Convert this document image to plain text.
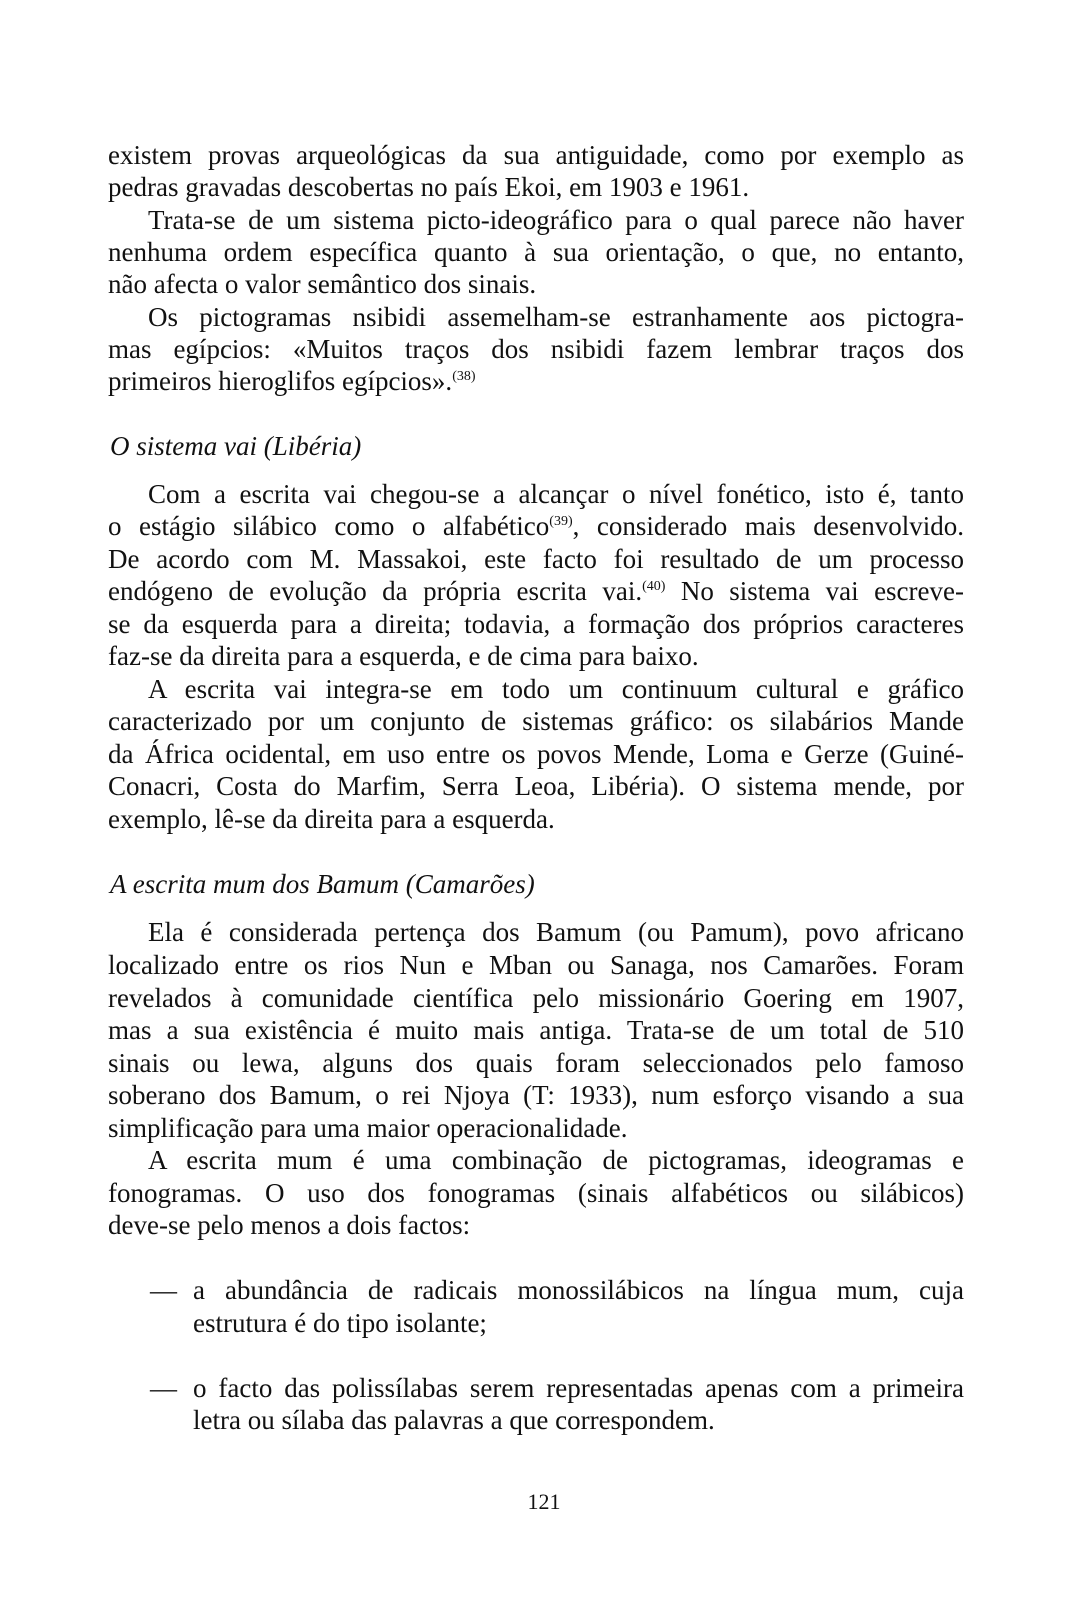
existem provas arqueológicas da sua antiguidade, como por exemplo as
pedras gravadas descobertas no país Ekoi, em 1903 e 1961.
Trata-se de um sistema picto-ideográfico para o qual parece não haver
nenhuma ordem específica quanto à sua orientação, o que, no entanto,
não afecta o valor semântico dos sinais.
Os pictogramas nsibidi assemelham-se estranhamente aos pictogra-
mas egípcios: «Muitos traços dos nsibidi fazem lembrar traços dos
primeiros hieroglifos egípcios».$^{(38)}$
O sistema vai (Libéria)
Com a escrita vai chegou-se a alcançar o nível fonético, isto é, tanto
o estágio silábico como o alfabético$^{(39)}$, considerado mais desenvolvido.
De acordo com M. Massakoi, este facto foi resultado de um processo
endógeno de evolução da própria escrita vai.$^{(40)}$ No sistema vai escreve-
se da esquerda para a direita; todavia, a formação dos próprios caracteres
faz-se da direita para a esquerda, e de cima para baixo.
A escrita vai integra-se em todo um continuum cultural e gráfico
caracterizado por um conjunto de sistemas gráfico: os silabários Mande
da África ocidental, em uso entre os povos Mende, Loma e Gerze (Guiné-
Conacri, Costa do Marfim, Serra Leoa, Libéria). O sistema mende, por
exemplo, lê-se da direita para a esquerda.
A escrita mum dos Bamum (Camarões)
Ela é considerada pertença dos Bamum (ou Pamum), povo africano
localizado entre os rios Nun e Mban ou Sanaga, nos Camarões. Foram
revelados à comunidade científica pelo missionário Goering em 1907,
mas a sua existência é muito mais antiga. Trata-se de um total de 510
sinais ou lewa, alguns dos quais foram seleccionados pelo famoso
soberano dos Bamum, o rei Njoya (T: 1933), num esforço visando a sua
simplificação para uma maior operacionalidade.
A escrita mum é uma combinação de pictogramas, ideogramas e
fonogramas. O uso dos fonogramas (sinais alfabéticos ou silábicos)
deve-se pelo menos a dois factos:
a abundância de radicais monossilábicos na língua mum, cuja
—
estrutura é do tipo isolante;
o facto das polissílabas serem representadas apenas com a primeira
—
letra ou sílaba das palavras a que correspondem.
121
